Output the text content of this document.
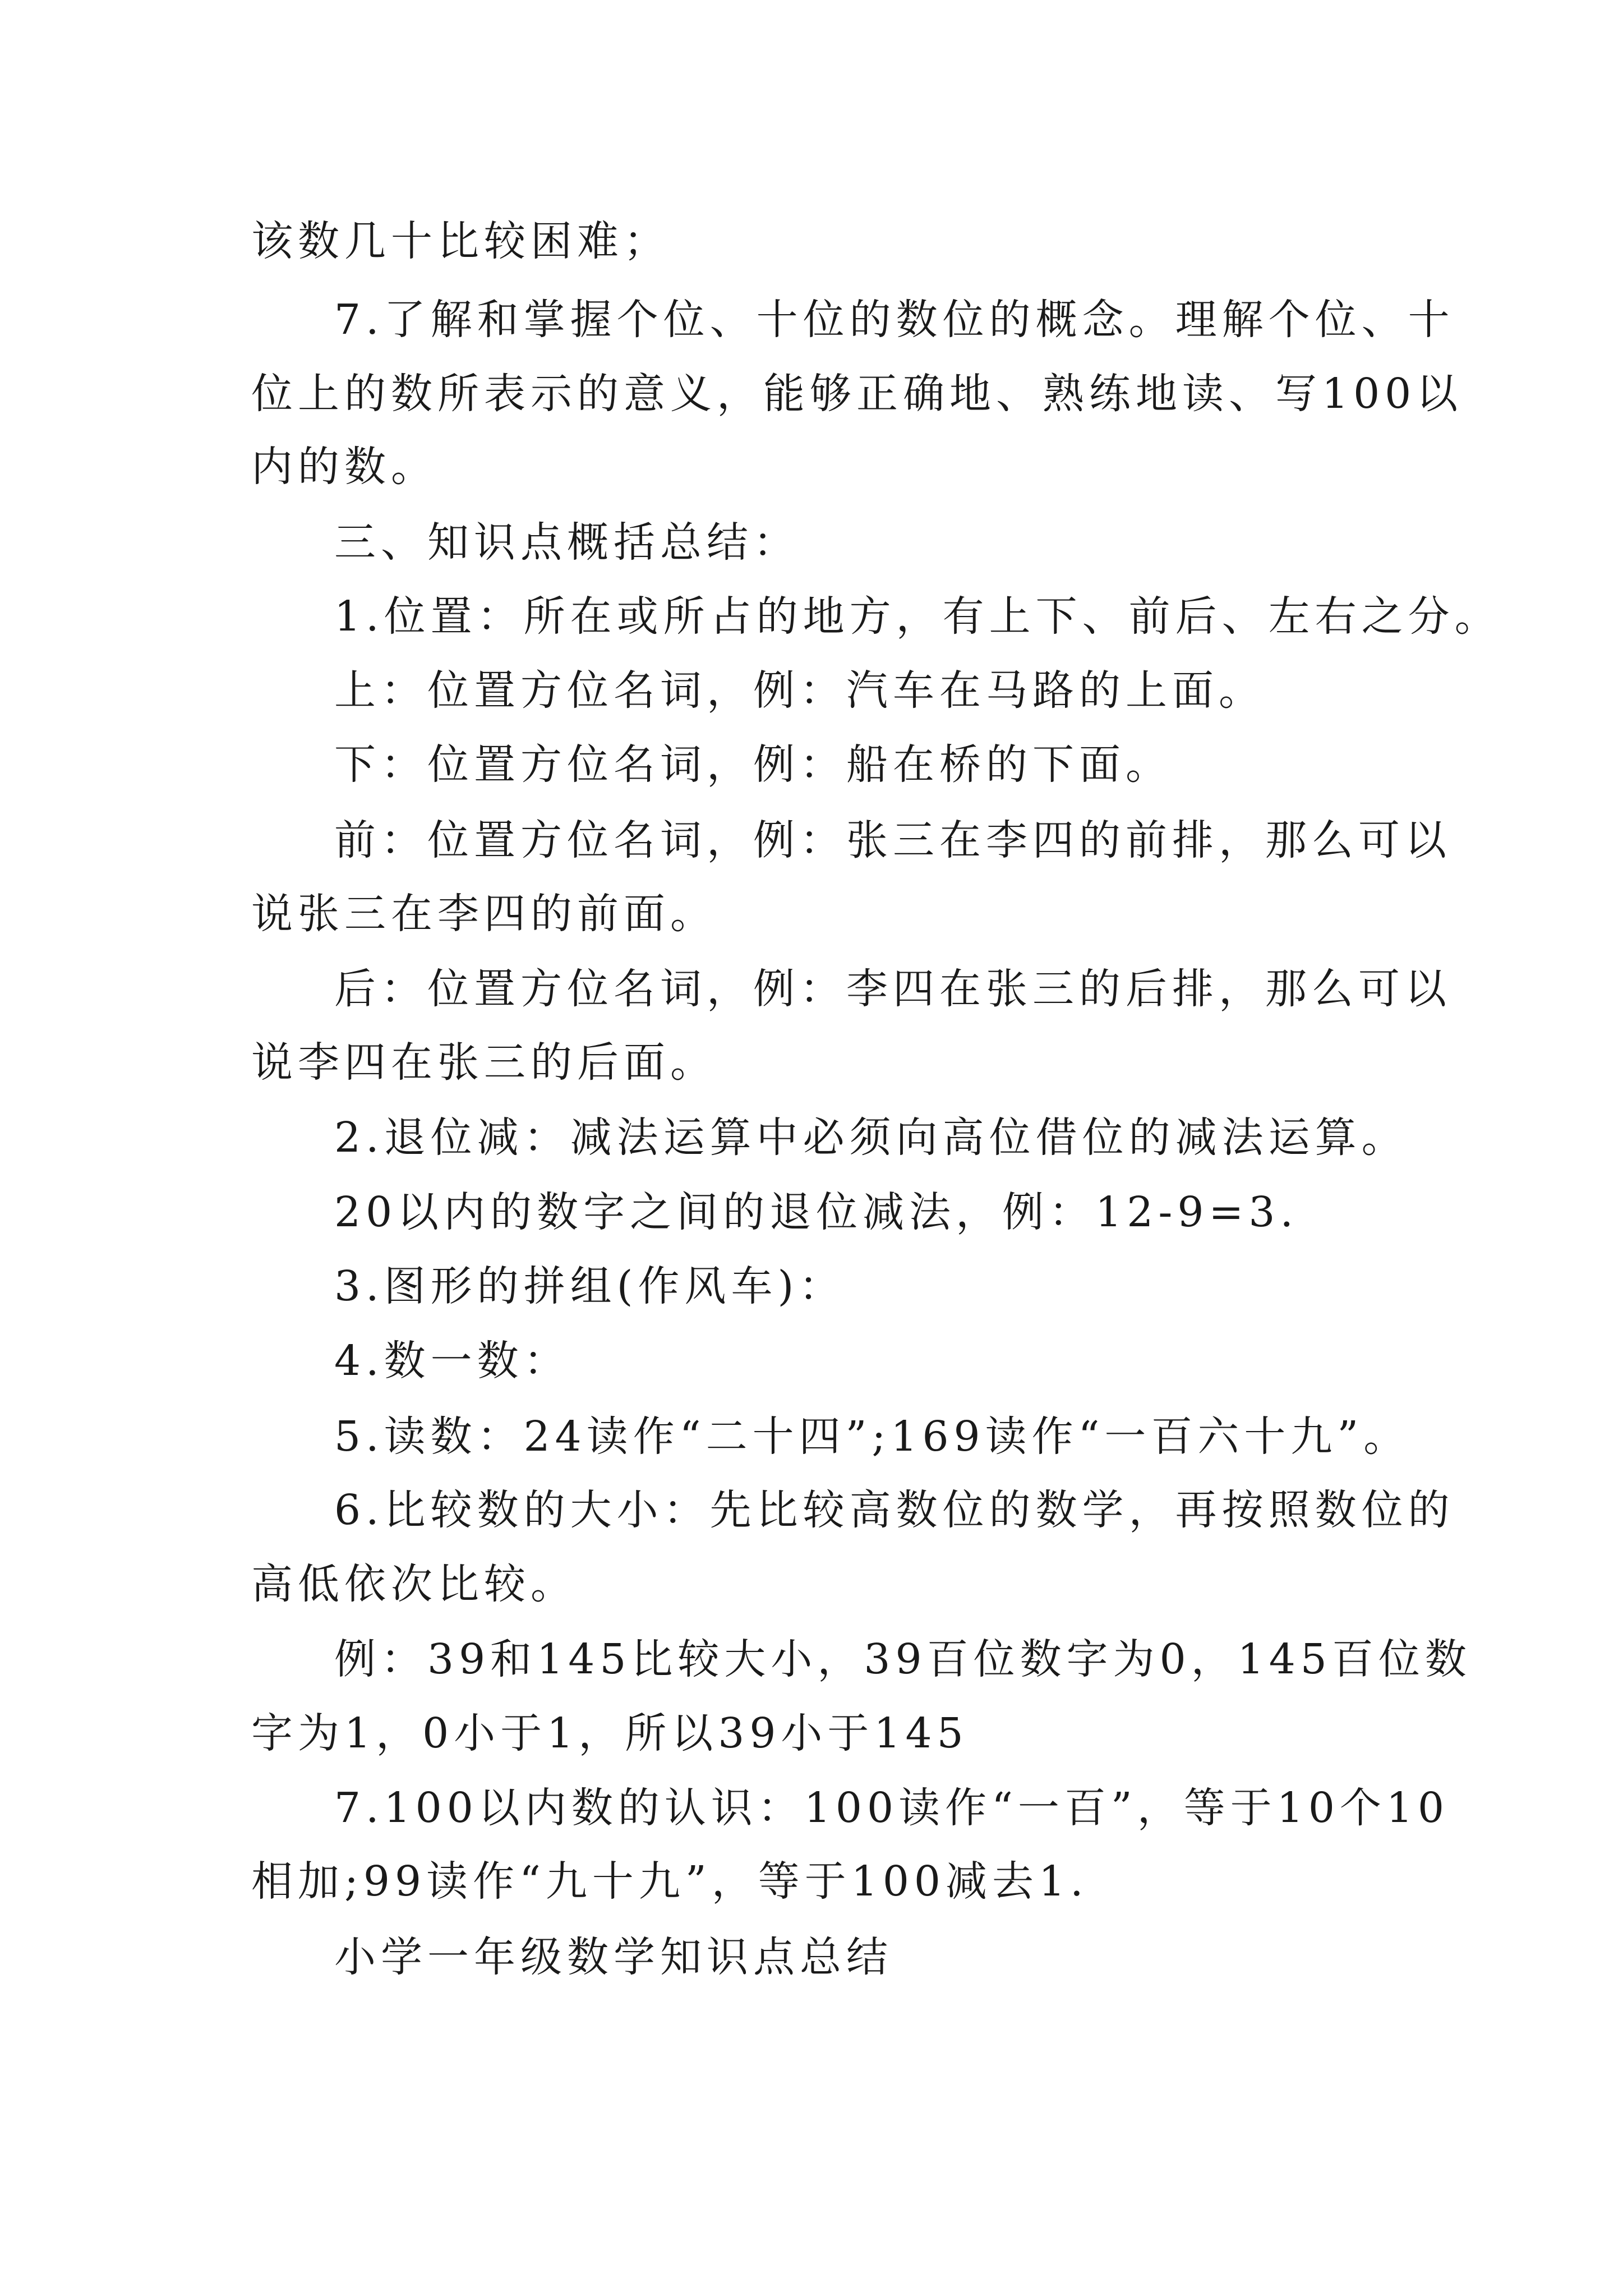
该数几十比较困难；
7.了解和掌握个位、十位的数位的概念。理解个位、十
位上的数所表示的意义，能够正确地、熟练地读、写100以
内的数。
三、知识点概括总结：
1.位置：所在或所占的地方，有上下、前后、左右之分。
上：位置方位名词，例：汽车在马路的上面。
下：位置方位名词，例：船在桥的下面。
前：位置方位名词，例：张三在李四的前排，那么可以
说张三在李四的前面。
后：位置方位名词，例：李四在张三的后排，那么可以
说李四在张三的后面。
2.退位减：减法运算中必须向高位借位的减法运算。
20以内的数字之间的退位减法，例：12-9=3.
3.图形的拼组(作风车)：
4.数一数：
5.读数：24读作“二十四”;169读作“一百六十九”。
6.比较数的大小：先比较高数位的数学，再按照数位的
高低依次比较。
例：39和145比较大小，39百位数字为0，145百位数
字为1，0小于1，所以39小于145
7.100以内数的认识：100读作“一百”，等于10个10
相加;99读作“九十九”，等于100减去1.
小学一年级数学知识点总结
